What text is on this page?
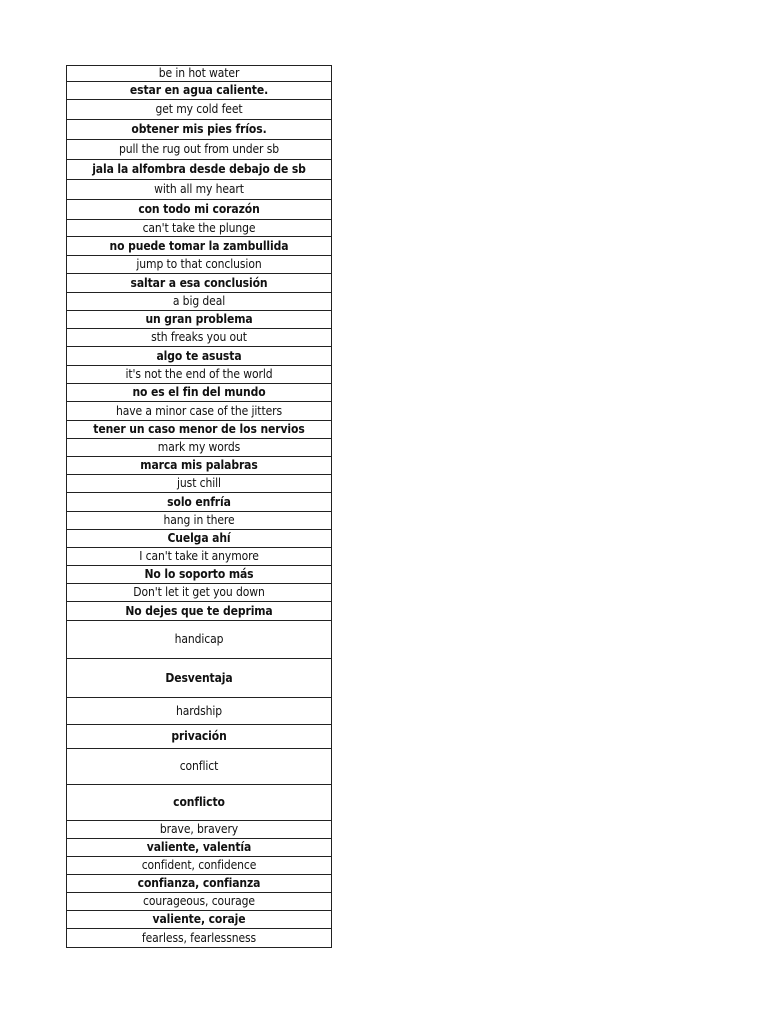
be in hot water
estar en agua caliente.
get my cold feet
obtener mis pies fríos.
pull the rug out from under sb
jala la alfombra desde debajo de sb
with all my heart
con todo mi corazón
can't take the plunge
no puede tomar la zambullida
jump to that conclusion
saltar a esa conclusión
a big deal
un gran problema
sth freaks you out
algo te asusta
it's not the end of the world
no es el fin del mundo
have a minor case of the jitters
tener un caso menor de los nervios
mark my words
marca mis palabras
just chill
solo enfría
hang in there
Cuelga ahí
I can't take it anymore
No lo soporto más
Don't let it get you down
No dejes que te deprima
handicap
Desventaja
hardship
privación
conflict
conflicto
brave, bravery
valiente, valentía
confident, confidence
confianza, confianza
courageous, courage
valiente, coraje
fearless, fearlessness
